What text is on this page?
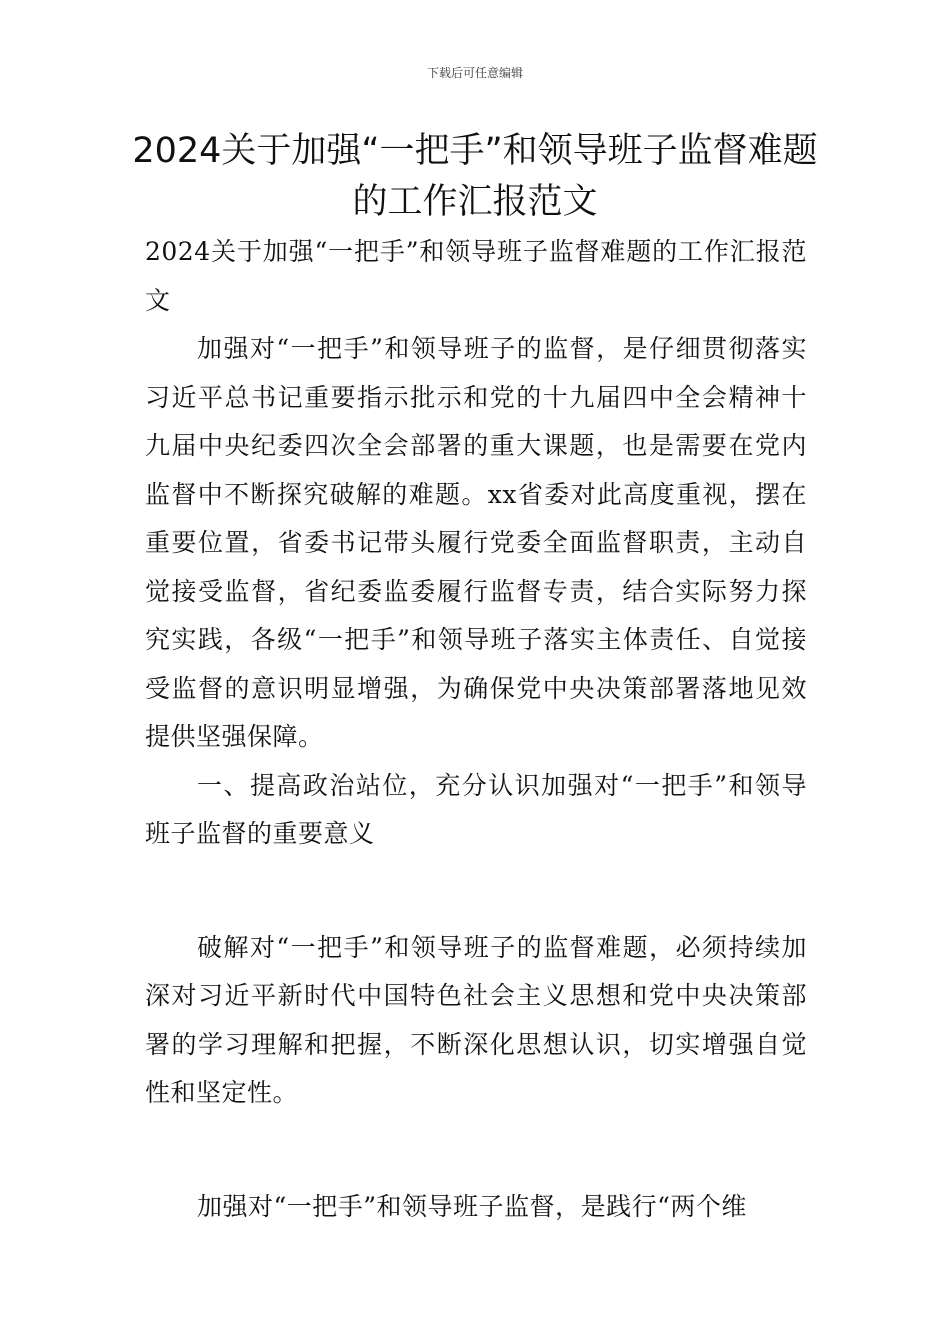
下载后可任意编辑
2024关于加强“一把手”和领导班子监督难题的工作汇报范文

2024关于加强“一把手”和领导班子监督难题的工作汇报范文

加强对“一把手”和领导班子的监督，是仔细贯彻落实习近平总书记重要指示批示和党的十九届四中全会精神十九届中央纪委四次全会部署的重大课题，也是需要在党内监督中不断探究破解的难题。xx省委对此高度重视，摆在重要位置，省委书记带头履行党委全面监督职责，主动自觉接受监督，省纪委监委履行监督专责，结合实际努力探究实践，各级“一把手”和领导班子落实主体责任、自觉接受监督的意识明显增强，为确保党中央决策部署落地见效提供坚强保障。

一、提高政治站位，充分认识加强对“一把手”和领导班子监督的重要意义

破解对“一把手”和领导班子的监督难题，必须持续加深对习近平新时代中国特色社会主义思想和党中央决策部署的学习理解和把握，不断深化思想认识，切实增强自觉性和坚定性。

加强对“一把手”和领导班子监督，是践行“两个维
